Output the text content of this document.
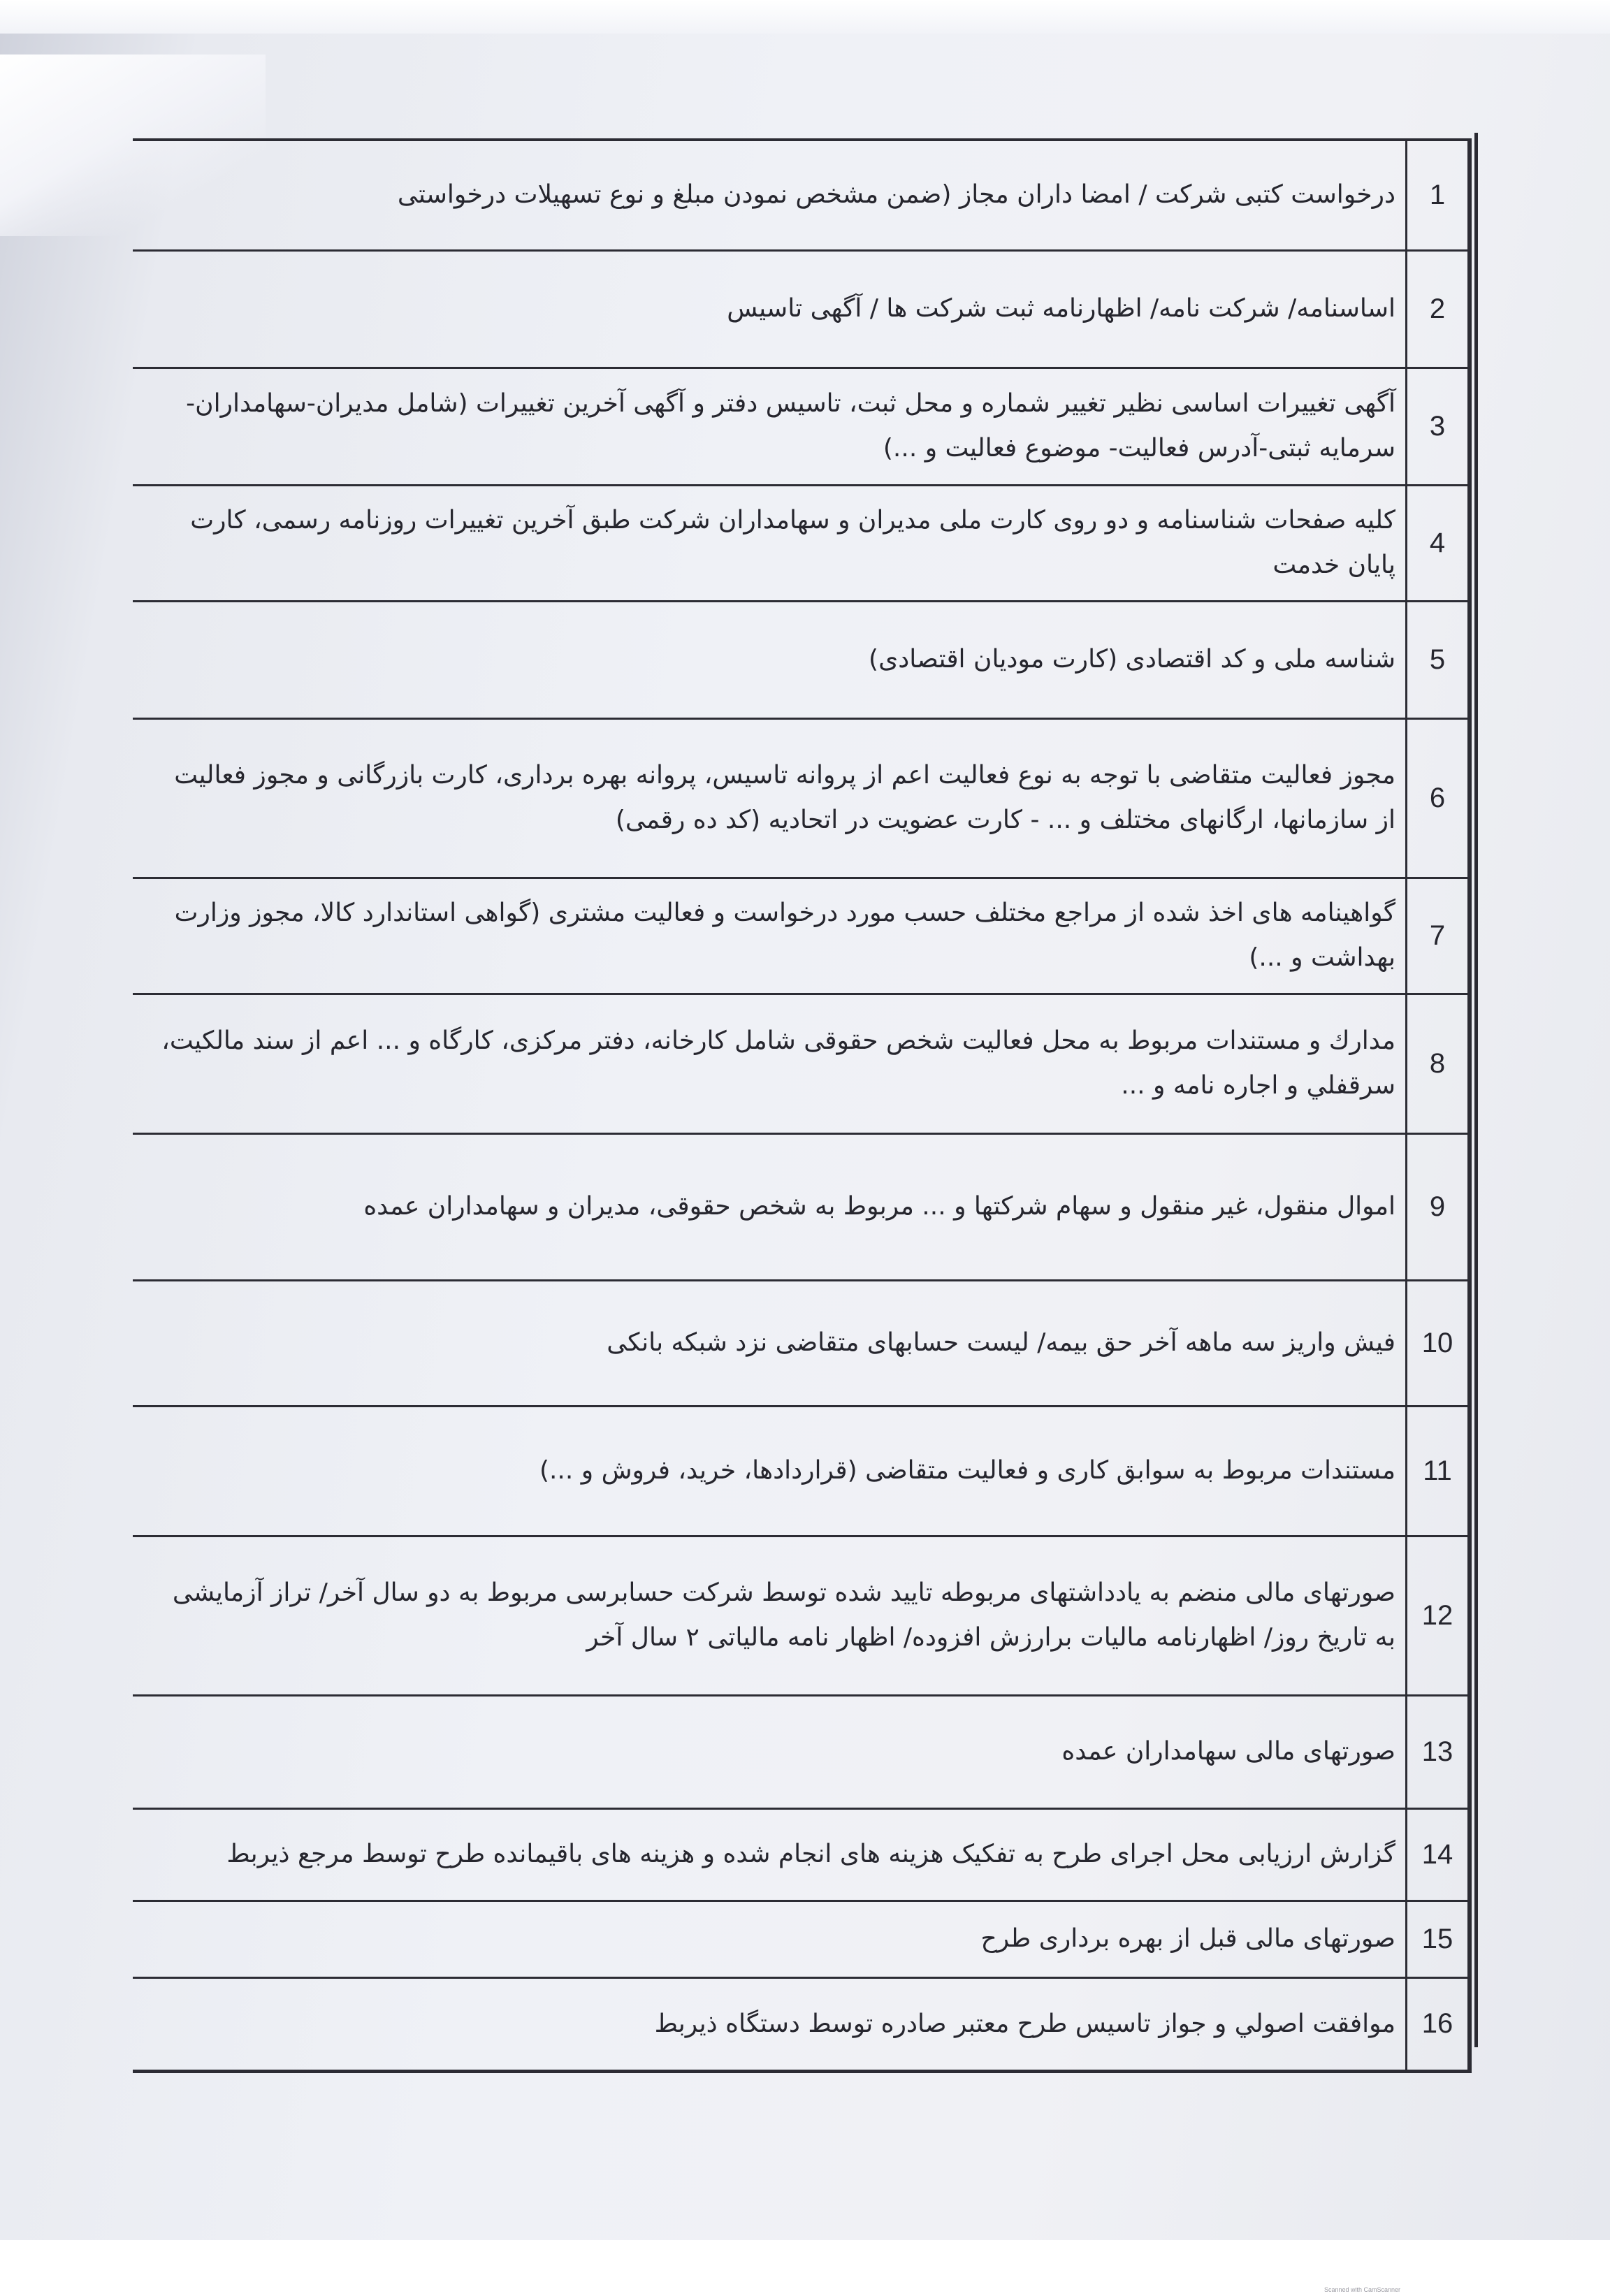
1	درخواست کتبی شرکت / امضا داران مجاز (ضمن مشخص نمودن مبلغ و نوع تسهیلات درخواستی
2	اساسنامه/ شرکت نامه/ اظهارنامه ثبت شرکت ها / آگهی تاسیس
3	آگهی تغییرات اساسی نظیر تغییر شماره و محل ثبت، تاسیس دفتر و آگهی آخرین تغییرات (شامل مدیران-سهامداران-سرمایه ثبتی-آدرس فعالیت- موضوع فعالیت و ...)
4	کلیه صفحات شناسنامه و دو روی کارت ملی مدیران و سهامداران شرکت طبق آخرین تغییرات روزنامه رسمی، کارت پایان خدمت
5	شناسه ملی و کد اقتصادی (کارت مودیان اقتصادی)
6	مجوز فعالیت متقاضی با توجه به نوع فعالیت اعم از پروانه تاسیس، پروانه بهره برداری، کارت بازرگانی و مجوز فعالیت از سازمانها، ارگانهای مختلف و ... - کارت عضویت در اتحادیه (کد ده رقمی)
7	گواهینامه های اخذ شده از مراجع مختلف حسب مورد درخواست و فعالیت مشتری (گواهی استاندارد کالا، مجوز وزارت بهداشت و ...)
8	مدارك و مستندات مربوط به محل فعالیت شخص حقوقی شامل کارخانه، دفتر مرکزی، کارگاه و ... اعم از سند مالکیت، سرقفلي و اجاره نامه و ...
9	اموال منقول، غیر منقول و سهام شرکتها و ... مربوط به شخص حقوقی، مدیران و سهامداران عمده
10	فیش واریز سه ماهه آخر حق بیمه/ لیست حسابهای متقاضی نزد شبکه بانکی
11	مستندات مربوط به سوابق کاری و فعالیت متقاضی (قراردادها، خرید، فروش و ...)
12	صورتهای مالی منضم به یادداشتهای مربوطه تایید شده توسط شرکت حسابرسی مربوط به دو سال آخر/ تراز آزمایشی به تاریخ روز/ اظهارنامه مالیات برارزش افزوده/ اظهار نامه مالیاتی ۲ سال آخر
13	صورتهای مالی سهامداران عمده
14	گزارش ارزیابی محل اجرای طرح به تفکیک هزینه های انجام شده و هزینه های باقیمانده طرح توسط مرجع ذیربط
15	صورتهای مالی قبل از بهره برداری طرح
16	موافقت اصولي و جواز تاسیس طرح معتبر صادره توسط دستگاه ذیربط
Scanned with CamScanner
